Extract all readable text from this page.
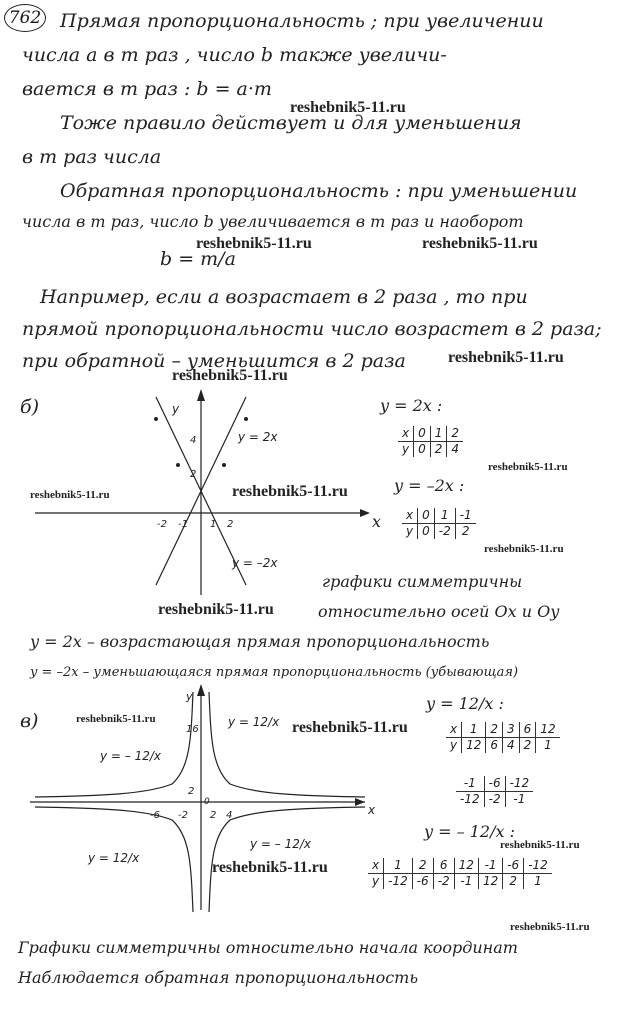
762 Прямая пропорциональность ; при увеличении
числа a в m раз , число b также увеличи-
вается в m раз : b = a·m
Тоже правило действует и для уменьшения
в m раз числа
Обратная пропорциональность : при уменьшении
числа в m раз, число b увеличивается в m раз и наоборот
b = m/a
Например, если a возрастает в 2 раза , то при
прямой пропорциональности число возрастет в 2 раза;
при обратной – уменьшится в 2 раза
reshebnik5-11.ru
reshebnik5-11.ru	reshebnik5-11.ru
reshebnik5-11.ru
reshebnik5-11.ru
б)	y
y = 2x
y = –2x
-2 -1 1 2
2
4
x
reshebnik5-11.ru	reshebnik5-11.ru
y = 2x :
x	0	1	2
y	0	2	4
reshebnik5-11.ru
y = –2x :
x	0	1	-1
y	0	-2	2
reshebnik5-11.ru
графики симметричны
reshebnik5-11.ru	относительно осей Ox и Oy
y = 2x – возрастающая прямая пропорциональность
y = –2x – уменьшающаяся прямая пропорциональность (убывающая)
в)
y
x
y = – 12/x
y = 12/x
y = 12/x
y = – 12/x
-6 -2 2 4
16
2
0
reshebnik5-11.ru	reshebnik5-11.ru
reshebnik5-11.ru
y = 12/x :
x	1	2	3	6	12
y	12	6	4	2	1
-1	-6	-12
-12	-2	-1
y = – 12/x :
reshebnik5-11.ru
x	1	2	6	12	-1	-6	-12
y	-12	-6	-2	-1	12	2	1
reshebnik5-11.ru
Графики симметричны относительно начала координат
Наблюдается обратная пропорциональность
